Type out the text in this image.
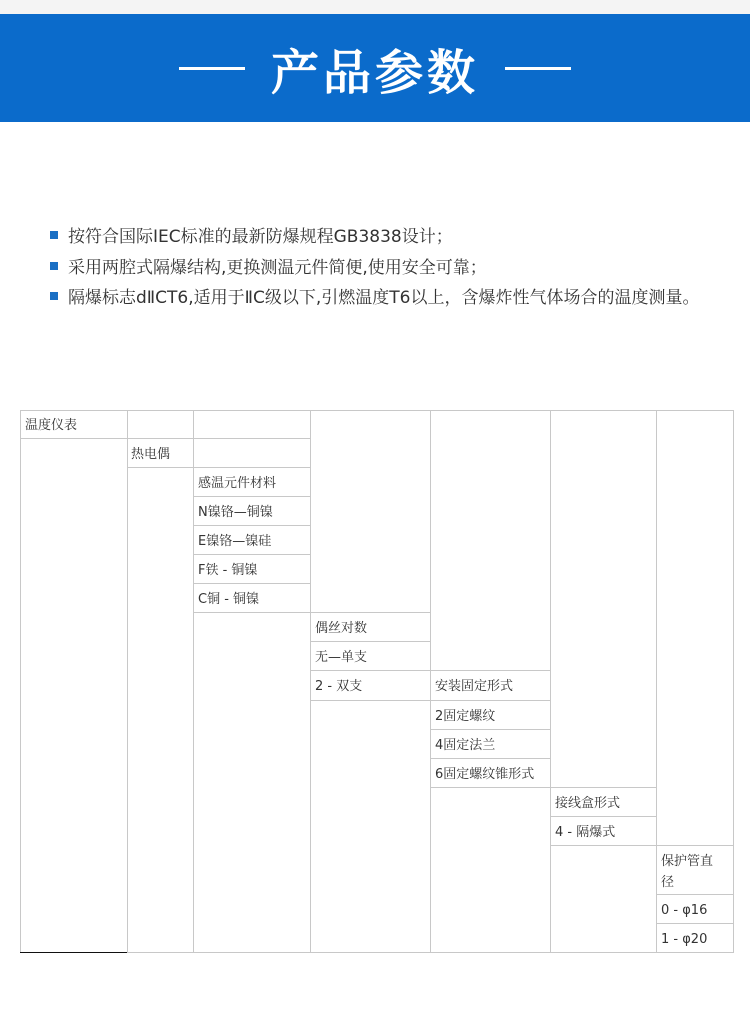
产品参数

按符合国际IEC标准的最新防爆规程GB3838设计；

采用两腔式隔爆结构,更换测温元件简便,使用安全可靠；

隔爆标志dⅡCT6,适用于ⅡC级以下,引燃温度T6以上，含爆炸性气体场合的温度测量。

温度仪表
热电偶
感温元件材料
N镍铬—铜镍
E镍铬—镍硅
F铁 - 铜镍
C铜 - 铜镍
偶丝对数
无—单支
2 - 双支	安装固定形式
2固定螺纹
4固定法兰
6固定螺纹锥形式
接线盒形式
4 - 隔爆式
保护管直 径
0 - φ16
1 - φ20
